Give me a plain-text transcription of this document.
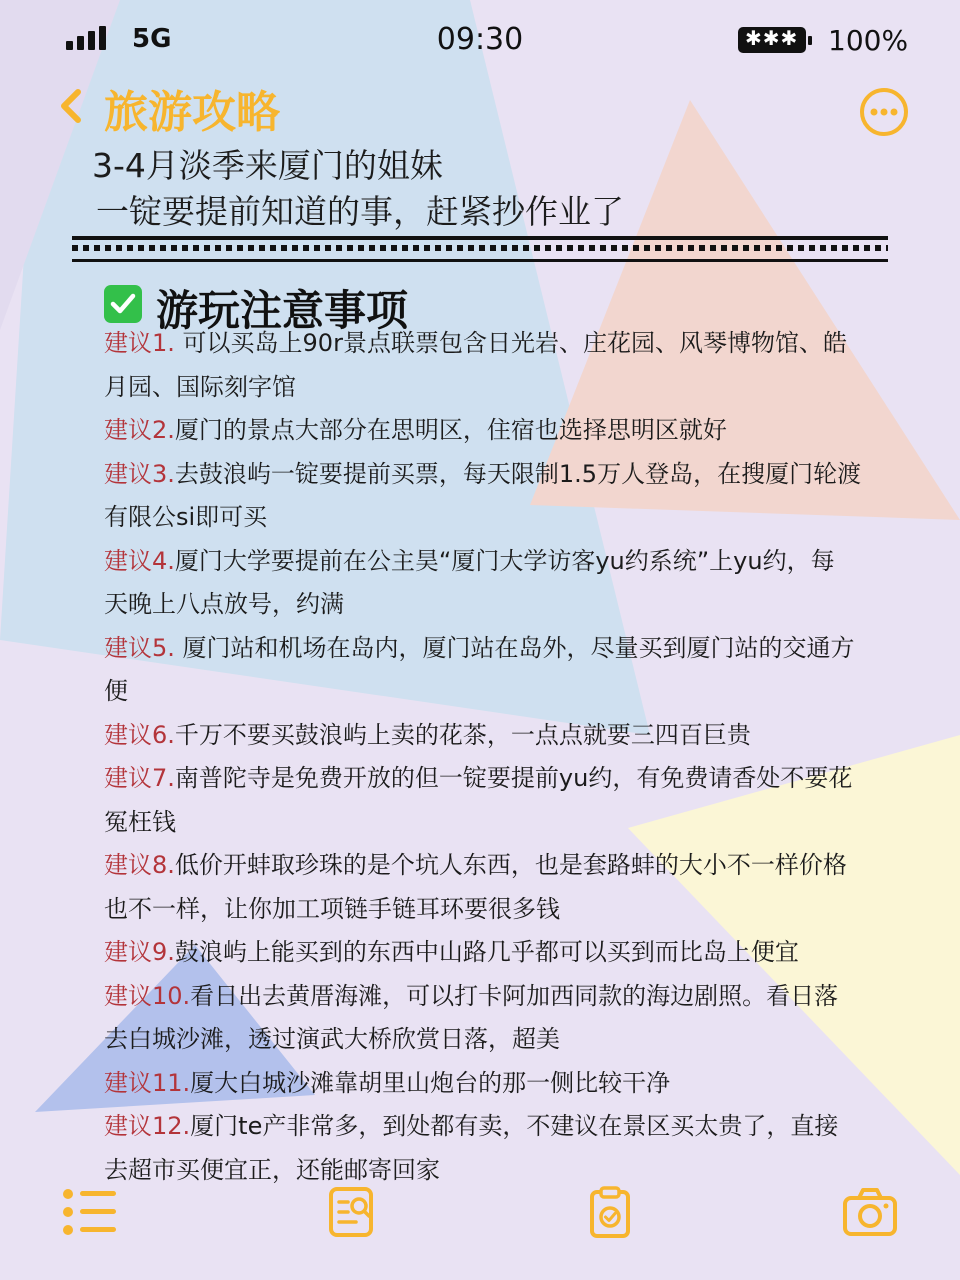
5G	09:30	✱✱✱ 100%
旅游攻略
3-4月淡季来厦门的姐妹
一锭要提前知道的事，赶紧抄作业了
游玩注意事项
建议1. 可以买岛上90r景点联票包含日光岩、庄花园、风琴博物馆、皓
月园、国际刻字馆
建议2.厦门的景点大部分在思明区，住宿也选择思明区就好
建议3.去鼓浪屿一锭要提前买票，每天限制1.5万人登岛，在搜厦门轮渡
有限公si即可买
建议4.厦门大学要提前在公主昊“厦门大学访客yu约系统”上yu约，每
天晚上八点放号，约满
建议5. 厦门站和机场在岛内，厦门站在岛外，尽量买到厦门站的交通方
便
建议6.千万不要买鼓浪屿上卖的花茶，一点点就要三四百巨贵
建议7.南普陀寺是免费开放的但一锭要提前yu约，有免费请香处不要花
冤枉钱
建议8.低价开蚌取珍珠的是个坑人东西，也是套路蚌的大小不一样价格
也不一样，让你加工项链手链耳环要很多钱
建议9.鼓浪屿上能买到的东西中山路几乎都可以买到而比岛上便宜
建议10.看日出去黄厝海滩，可以打卡阿加西同款的海边剧照。看日落
去白城沙滩，透过演武大桥欣赏日落，超美
建议11.厦大白城沙滩靠胡里山炮台的那一侧比较干净
建议12.厦门te产非常多，到处都有卖，不建议在景区买太贵了，直接
去超市买便宜正，还能邮寄回家
